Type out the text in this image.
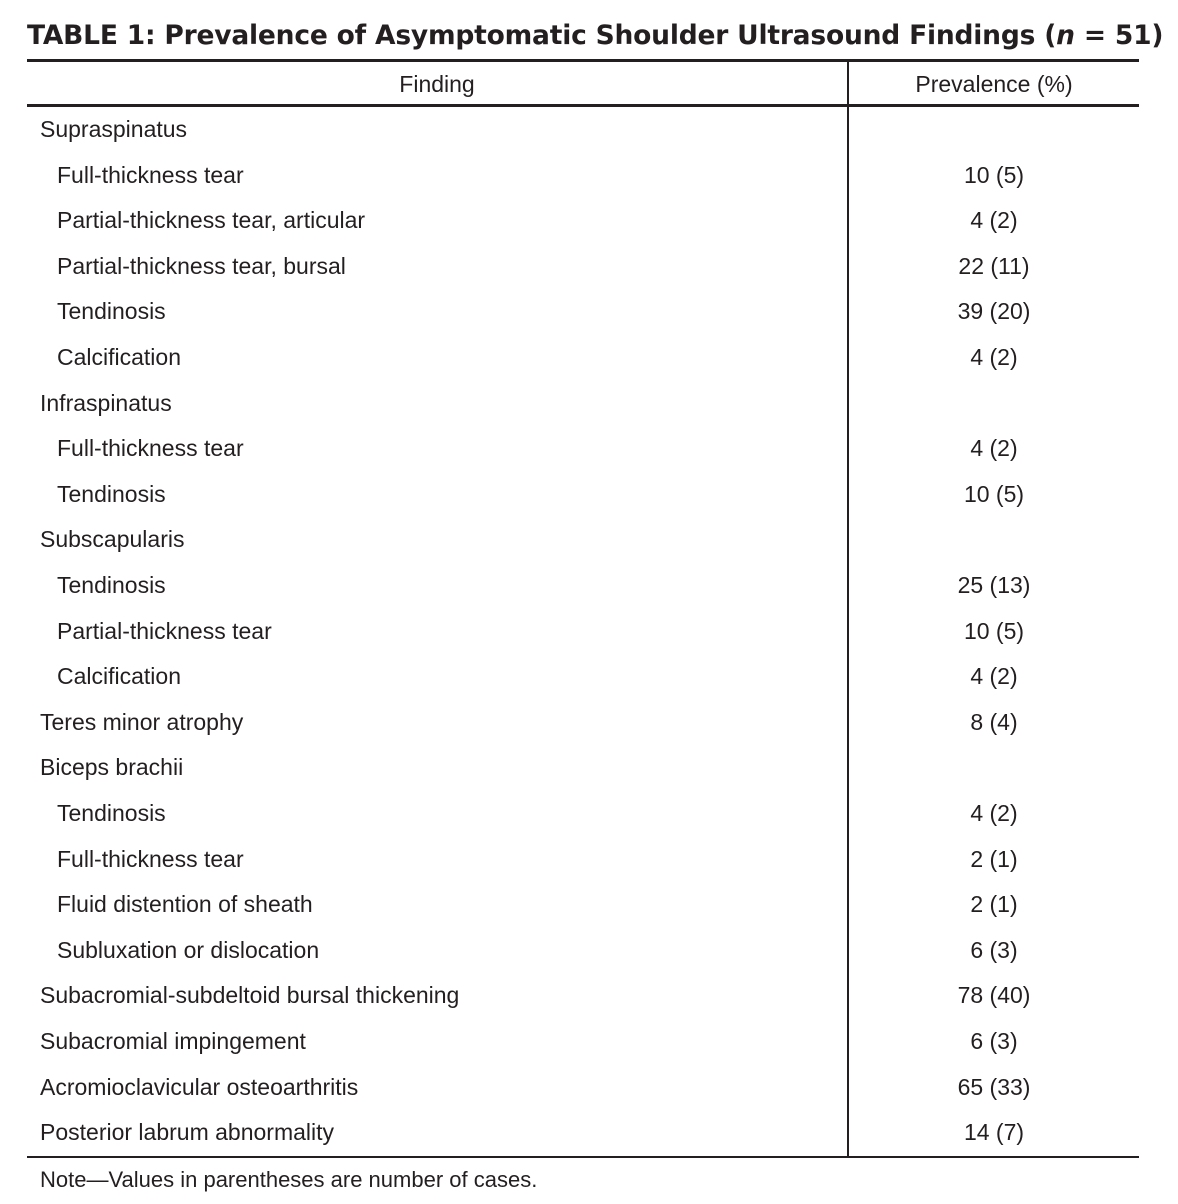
TABLE 1: Prevalence of Asymptomatic Shoulder Ultrasound Findings (n = 51)
Finding	Prevalence (%)
Supraspinatus
Full-thickness tear	10 (5)
Partial-thickness tear, articular	4 (2)
Partial-thickness tear, bursal	22 (11)
Tendinosis	39 (20)
Calcification	4 (2)
Infraspinatus
Full-thickness tear	4 (2)
Tendinosis	10 (5)
Subscapularis
Tendinosis	25 (13)
Partial-thickness tear	10 (5)
Calcification	4 (2)
Teres minor atrophy	8 (4)
Biceps brachii
Tendinosis	4 (2)
Full-thickness tear	2 (1)
Fluid distention of sheath	2 (1)
Subluxation or dislocation	6 (3)
Subacromial-subdeltoid bursal thickening	78 (40)
Subacromial impingement	6 (3)
Acromioclavicular osteoarthritis	65 (33)
Posterior labrum abnormality	14 (7)
Note—Values in parentheses are number of cases.
